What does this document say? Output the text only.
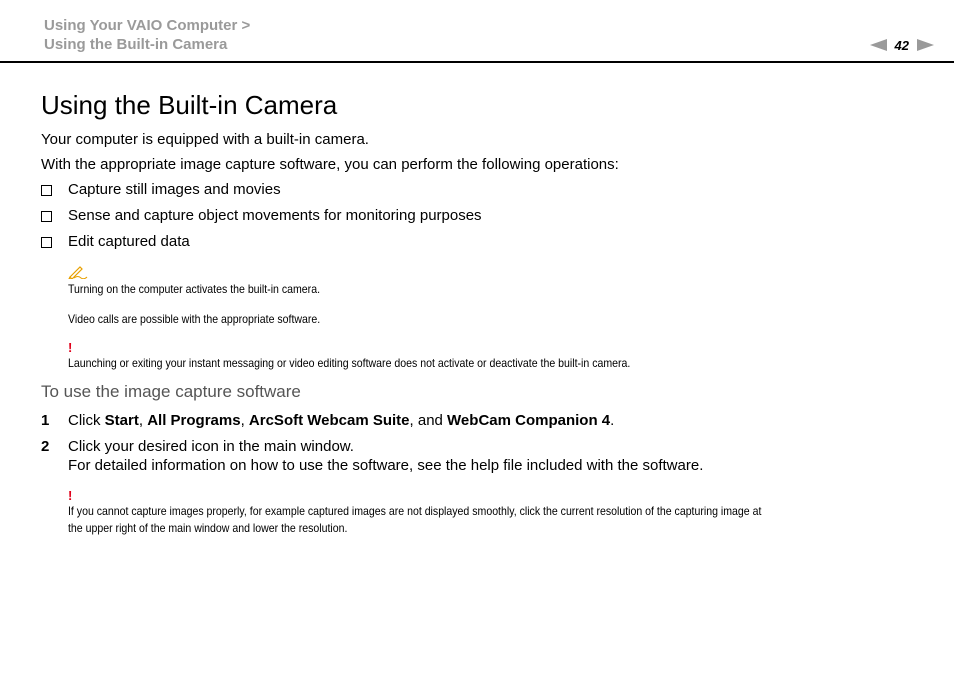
Using Your VAIO Computer >
Using the Built-in Camera	42
Using the Built-in Camera

Your computer is equipped with a built-in camera.

With the appropriate image capture software, you can perform the following operations:

Capture still images and movies
Sense and capture object movements for monitoring purposes
Edit captured data
Turning on the computer activates the built-in camera.
Video calls are possible with the appropriate software.
!
Launching or exiting your instant messaging or video editing software does not activate or deactivate the built-in camera.
To use the image capture software
1 Click Start, All Programs, ArcSoft Webcam Suite, and WebCam Companion 4.
2 Click your desired icon in the main window.
For detailed information on how to use the software, see the help file included with the software.
!
If you cannot capture images properly, for example captured images are not displayed smoothly, click the current resolution of the capturing image at
the upper right of the main window and lower the resolution.
